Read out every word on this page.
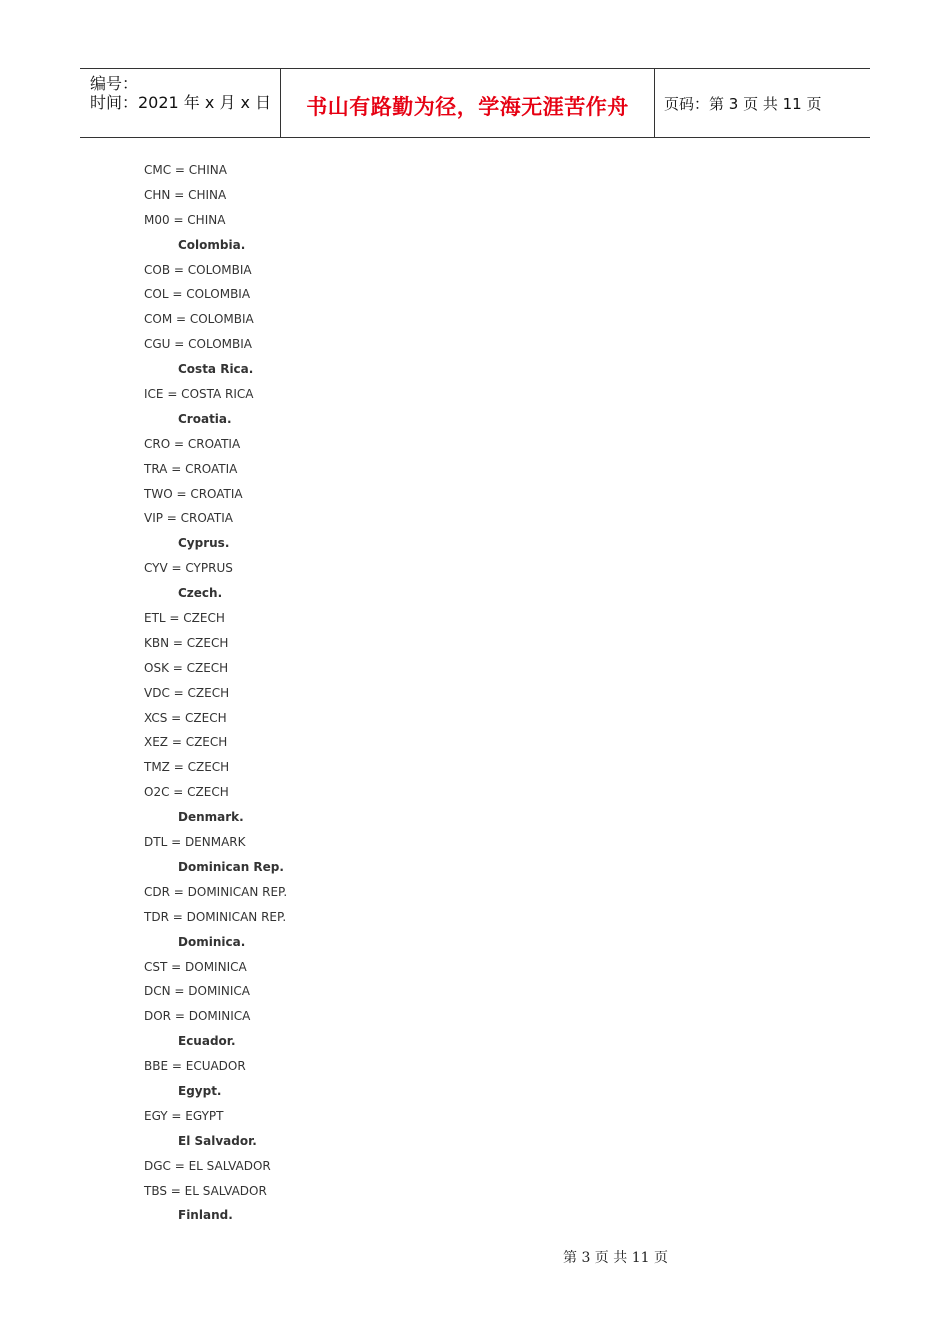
编号：
时间：2021 年 x 月 x 日	书山有路勤为径，学海无涯苦作舟	页码：第 3 页 共 11 页
CMC = CHINA
CHN = CHINA
M00 = CHINA
Colombia.
COB = COLOMBIA
COL = COLOMBIA
COM = COLOMBIA
CGU = COLOMBIA
Costa Rica.
ICE = COSTA RICA
Croatia.
CRO = CROATIA
TRA = CROATIA
TWO = CROATIA
VIP = CROATIA
Cyprus.
CYV = CYPRUS
Czech.
ETL = CZECH
KBN = CZECH
OSK = CZECH
VDC = CZECH
XCS = CZECH
XEZ = CZECH
TMZ = CZECH
O2C = CZECH
Denmark.
DTL = DENMARK
Dominican Rep.
CDR = DOMINICAN REP.
TDR = DOMINICAN REP.
Dominica.
CST = DOMINICA
DCN = DOMINICA
DOR = DOMINICA
Ecuador.
BBE = ECUADOR
Egypt.
EGY = EGYPT
El Salvador.
DGC = EL SALVADOR
TBS = EL SALVADOR
Finland.
第 3 页 共 11 页
